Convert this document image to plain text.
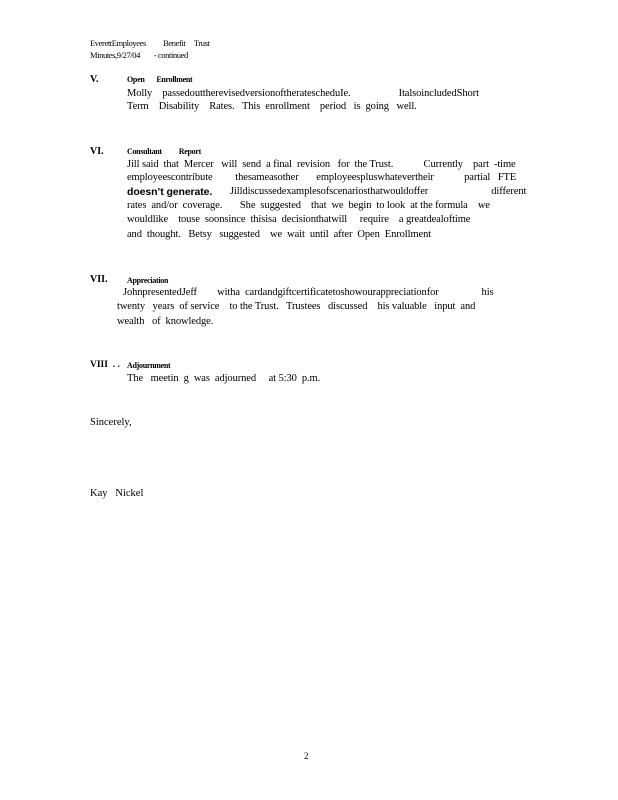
EverettEmployees          Benefit     Trust
Minutes,9/27/04        - continued
V.	Open       Enrollment
Molly    passedouttherevisedversionoftheratescheduIe.                   ItalsoincludedShort
Term    Disability    Rates.   This  enrollment    period   is  going   well.
VI.	Consultant          Report
Jill said  that  Mercer   will  send  a final  revision   for  the Trust.            Currently    part  -time
employeescontribute         thesameasother       employeespluswhatevertheir            partial   FTE
doesn’t generate. Jilldiscussedexamplesofscenariosthatwouldoffer                         different
rates  and/or  coverage.       She  suggested    that  we  begin  to look  at the formula    we
wouldlike    touse  soonsince  thisisa  decisionthatwill     require    a greatdealoftime
and  thought.   Betsy   suggested    we  wait  until  after  Open  Enrollment
VII. Appreciation
JohnpresentedJeff        witha  cardandgiftcertificatetoshowourappreciationfor                 his
twenty   years  of service    to the Trust.   Trustees   discussed    his valuable   input  and
wealth   of  knowledge.
VIII  . . Adjournment
The   meetin  g  was  adjourned     at 5:30  p.m.
Sincerely,
Kay   Nickel
2
